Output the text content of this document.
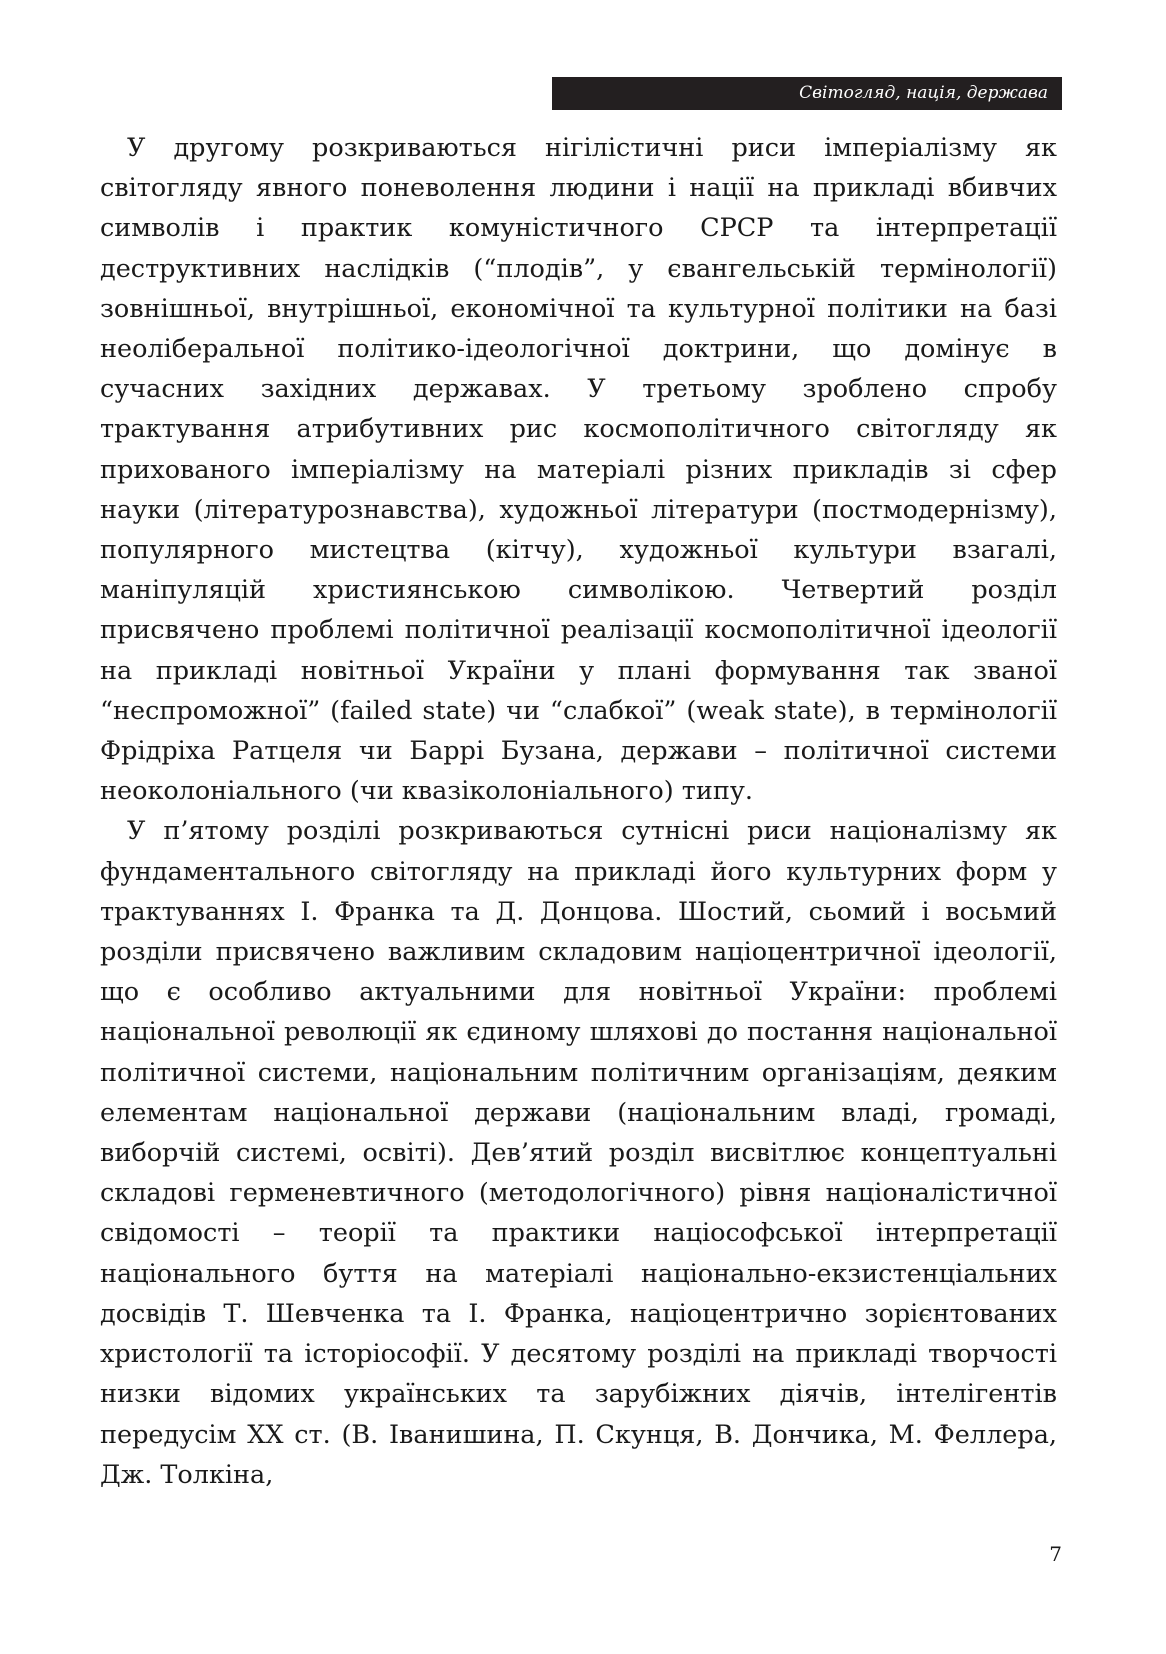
Світогляд, нація, держава

У другому розкриваються нігілістичні риси імперіалізму як світогляду явного поневолення людини і нації на прикладі вбивчих символів і практик комуністичного СРСР та інтерпретації деструктивних наслідків (“плодів”, у євангельській термінології) зовнішньої, внутрішньої, економічної та культурної політики на базі неоліберальної політико-ідеологічної доктрини, що домінує в сучасних західних державах. У третьому зроблено спробу трактування атрибутивних рис космополітичного світогляду як прихованого імперіалізму на матеріалі різних прикладів зі сфер науки (літературознавства), художньої літератури (постмодернізму), популярного мистецтва (кітчу), художньої культури взагалі, маніпуляцій християнською символікою. Четвертий розділ присвячено проблемі політичної реалізації космополітичної ідеології на прикладі новітньої України у плані формування так званої “неспроможної” (failed state) чи “слабкої” (weak state), в термінології Фрідріха Ратцеля чи Баррі Бузана, держави – політичної системи неоколоніального (чи квазіколоніального) типу.

У п’ятому розділі розкриваються сутнісні риси націоналізму як фундаментального світогляду на прикладі його культурних форм у трактуваннях І. Франка та Д. Донцова. Шостий, сьомий і восьмий розділи присвячено важливим складовим націоцентричної ідеології, що є особливо актуальними для новітньої України: проблемі національної революції як єдиному шляхові до постання національної політичної системи, національним політичним організаціям, деяким елементам національної держави (національним владі, громаді, виборчій системі, освіті). Дев’ятий розділ висвітлює концептуальні складові герменевтичного (методологічного) рівня націоналістичної свідомості – теорії та практики націософської інтерпретації національного буття на матеріалі національно-екзистенціальних досвідів Т. Шевченка та І. Франка, націоцентрично зорієнтованих христології та історіософії. У десятому розділі на прикладі творчості низки відомих українських та зарубіжних діячів, інтелігентів передусім ХХ ст. (В. Іванишина, П. Скунця, В. Дончика, М. Феллера, Дж. Толкіна,

7
